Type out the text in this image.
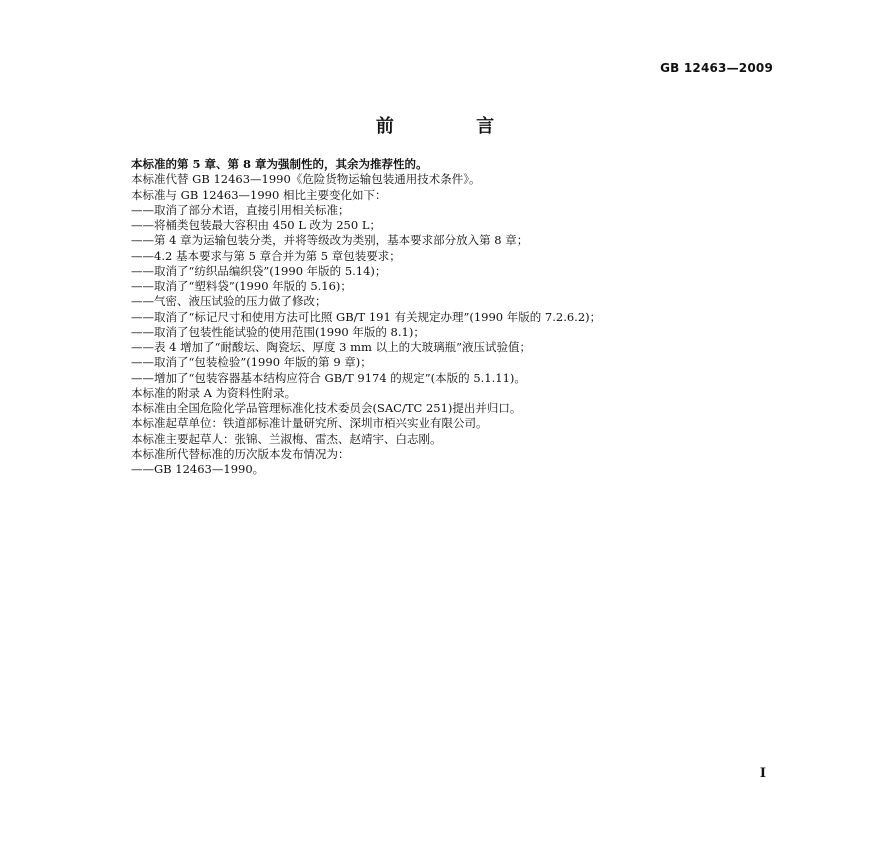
GB 12463—2009
前 言
本标准的第 5 章、第 8 章为强制性的，其余为推荐性的。
本标准代替 GB 12463—1990《危险货物运输包装通用技术条件》。
本标准与 GB 12463—1990 相比主要变化如下：
——取消了部分术语，直接引用相关标准；
——将桶类包装最大容积由 450 L 改为 250 L；
——第 4 章为运输包装分类，并将等级改为类别，基本要求部分放入第 8 章；
——4.2 基本要求与第 5 章合并为第 5 章包装要求；
——取消了“纺织品编织袋”(1990 年版的 5.14)；
——取消了“塑料袋”(1990 年版的 5.16)；
——气密、液压试验的压力做了修改；
——取消了“标记尺寸和使用方法可比照 GB/T 191 有关规定办理”(1990 年版的 7.2.6.2)；
——取消了包装性能试验的使用范围(1990 年版的 8.1)；
——表 4 增加了“耐酸坛、陶瓷坛、厚度 3 mm 以上的大玻璃瓶”液压试验值；
——取消了“包装检验”(1990 年版的第 9 章)；
——增加了“包装容器基本结构应符合 GB/T 9174 的规定”(本版的 5.1.11)。
本标准的附录 A 为资料性附录。
本标准由全国危险化学品管理标准化技术委员会(SAC/TC 251)提出并归口。
本标准起草单位：铁道部标准计量研究所、深圳市栢兴实业有限公司。
本标准主要起草人：张锦、兰淑梅、雷杰、赵靖宇、白志刚。
本标准所代替标准的历次版本发布情况为：
——GB 12463—1990。
I
